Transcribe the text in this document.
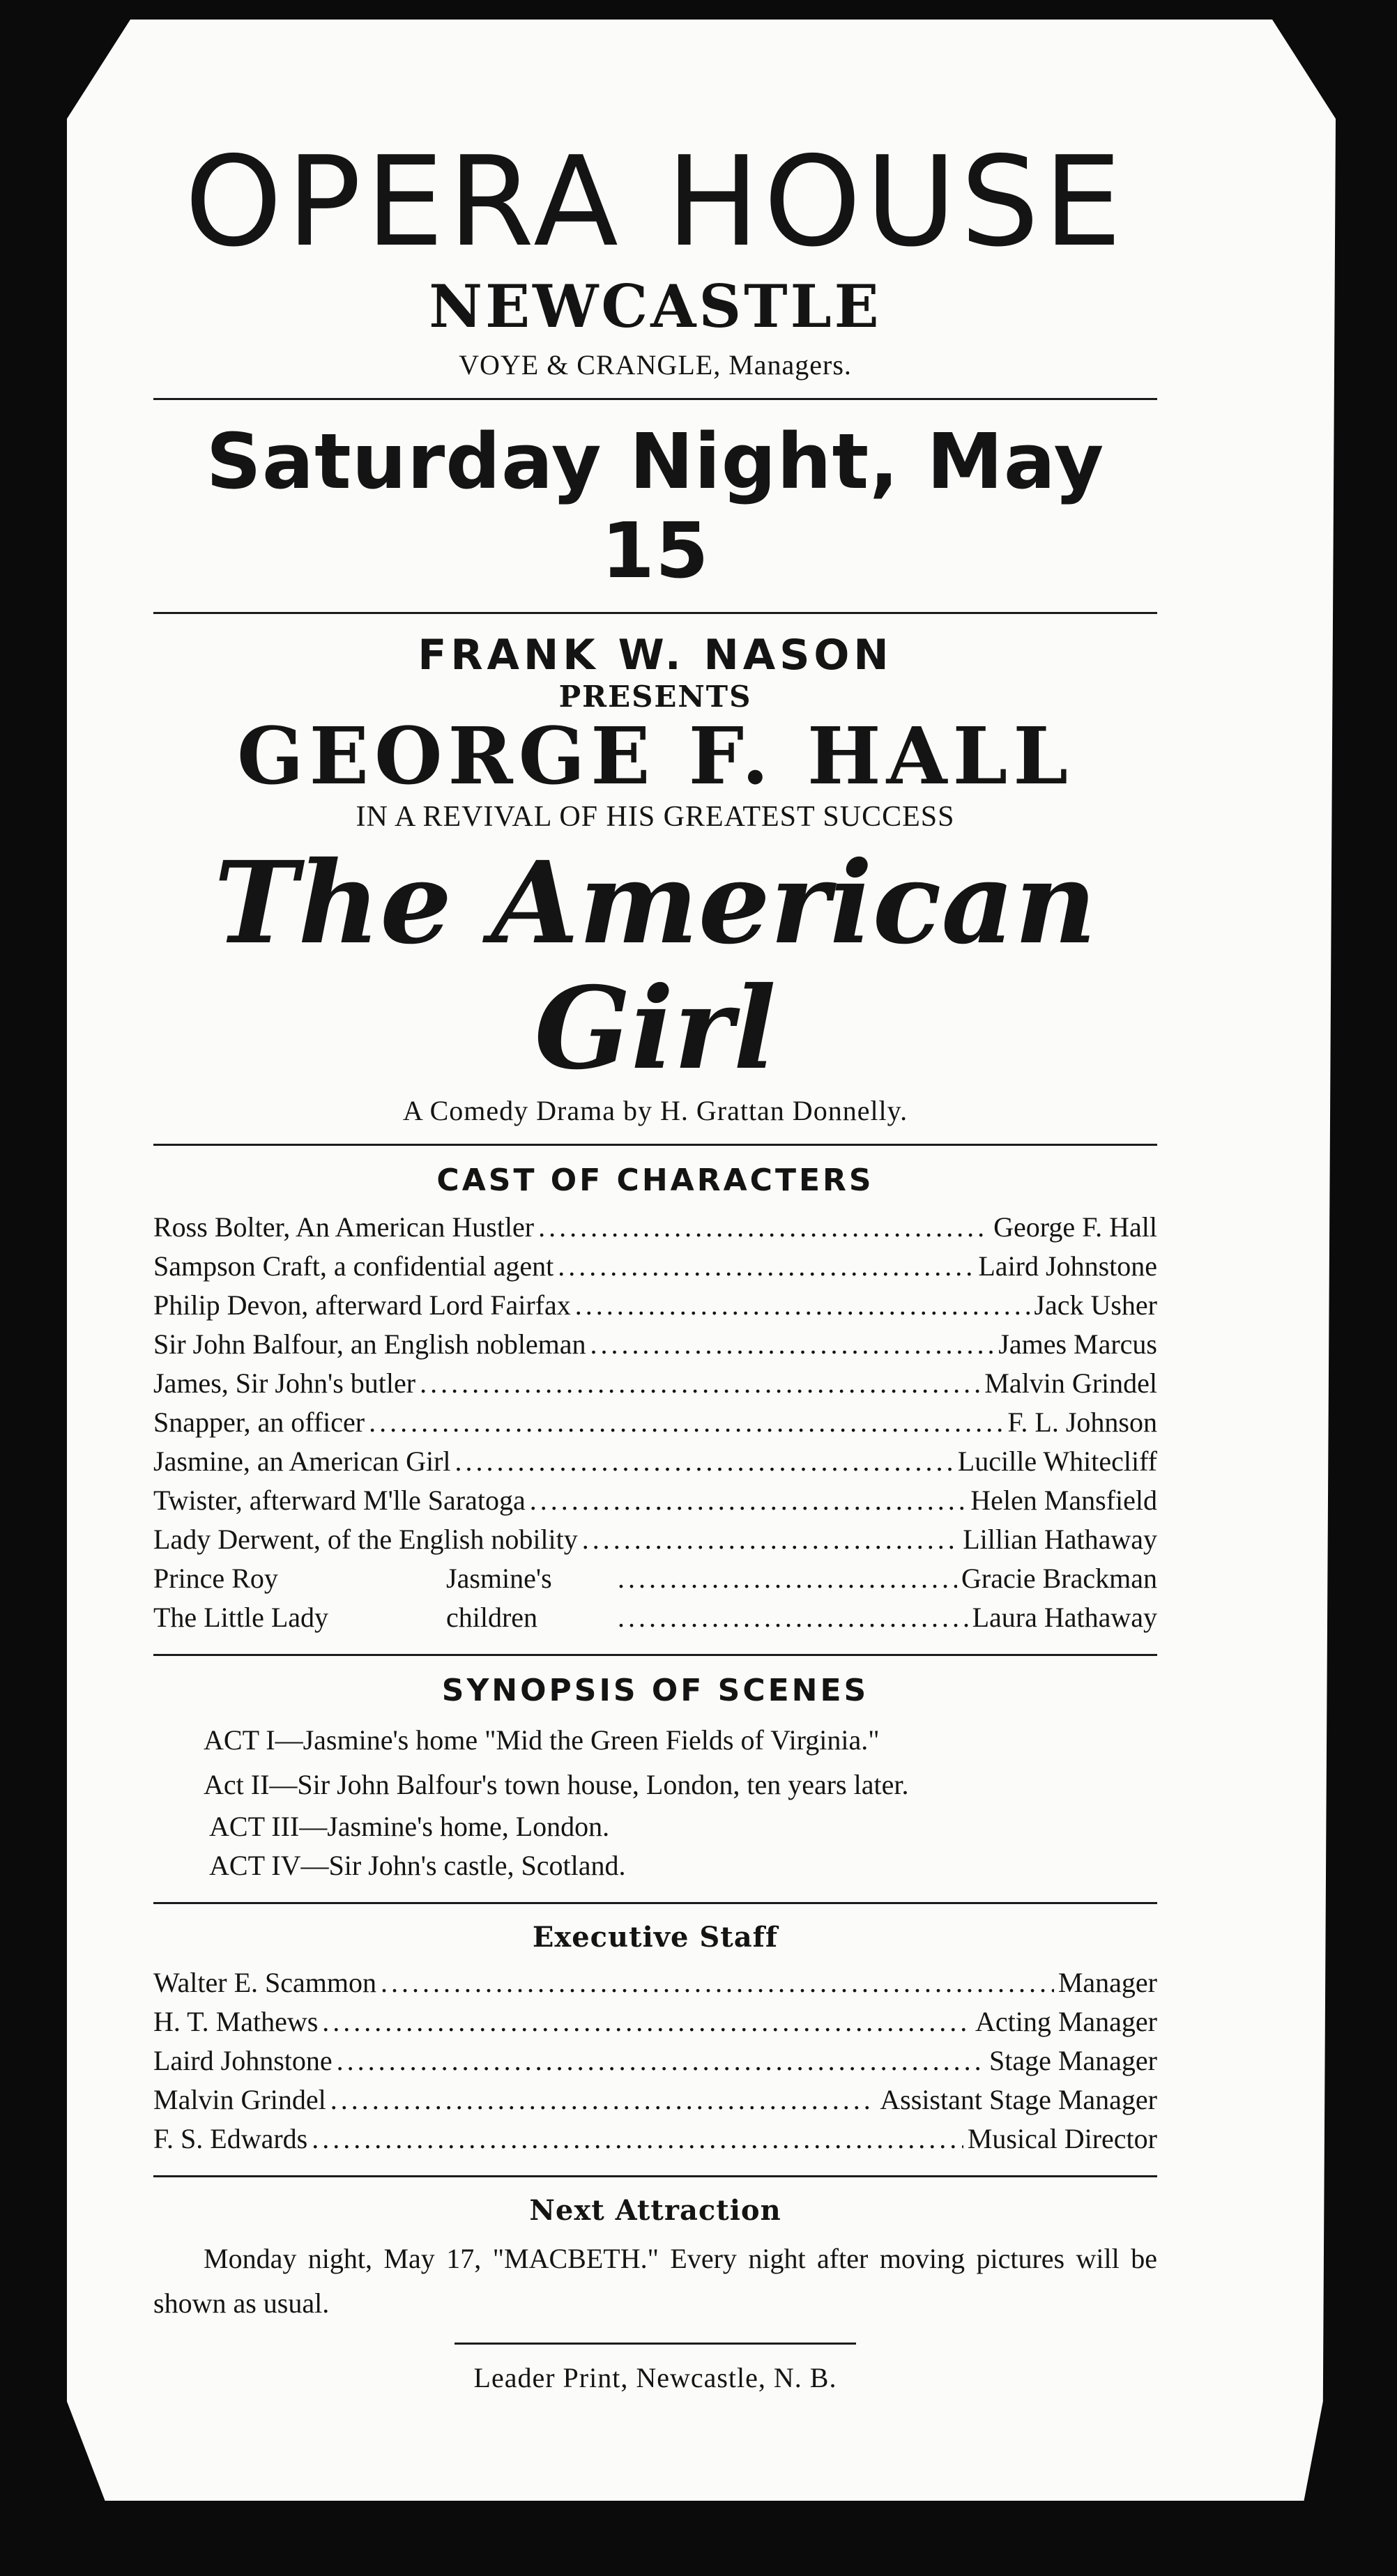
OPERA HOUSE
NEWCASTLE
VOYE & CRANGLE, Managers.
Saturday Night, May 15
FRANK W. NASON
PRESENTS
GEORGE F. HALL
IN A REVIVAL OF HIS GREATEST SUCCESS
The American Girl
A Comedy Drama by H. Grattan Donnelly.
CAST OF CHARACTERS
Ross Bolter, An American Hustler .....	George F. Hall
Sampson Craft, a confidential agent .....	Laird Johnstone
Philip Devon, afterward Lord Fairfax .....	Jack Usher
Sir John Balfour, an English nobleman .....	James Marcus
James, Sir John's butler .....	Malvin Grindel
Snapper, an officer .....	F. L. Johnson
Jasmine, an American Girl .....	Lucille Whitecliff
Twister, afterward M'lle Saratoga .....	Helen Mansfield
Lady Derwent, of the English nobility .....	Lillian Hathaway
Prince Roy	Jasmine's .....	Gracie Brackman
The Little Lady	children .....	Laura Hathaway
SYNOPSIS OF SCENES
ACT I—Jasmine's home "Mid the Green Fields of Virginia."
Act II—Sir John Balfour's town house, London, ten years later.
ACT III—Jasmine's home, London.
ACT IV—Sir John's castle, Scotland.
Executive Staff
Walter E. Scammon .....	Manager
H. T. Mathews .....	Acting Manager
Laird Johnstone .....	Stage Manager
Malvin Grindel .....	Assistant Stage Manager
F. S. Edwards .....	Musical Director
Next Attraction
Monday night, May 17, "MACBETH." Every night after moving pictures will be shown as usual.
Leader Print, Newcastle, N. B.
